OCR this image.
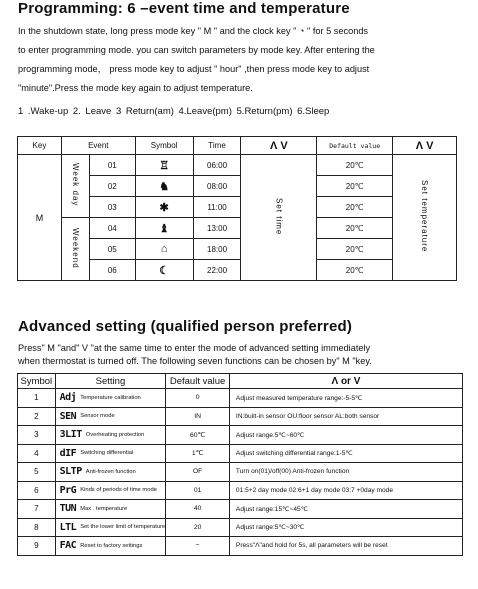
Programming: 6 –event time and temperature
In the shutdown state, long press mode key " M " and the clock key " ◔ " for 5 seconds
to enter programming mode. you can switch parameters by mode key. After entering the
programming mode， press mode key to adjust " hour" ,then press mode key to adjust
"minute".Press the mode key again to adjust temperature.
1 .Wake-up 2. Leave 3 Return(am) 4.Leave(pm) 5.Return(pm) 6.Sleep
Key	Event		Symbol	Time	Λ V	Default value	Λ V
M	Week day	01	♖	06:00	Set time	20℃	Set temperature
		02	♞	08:00		20℃	
		03	✱	11:00		20℃	
	Weekend	04	♝	13:00		20℃	
		05	⌂	18:00		20℃	
		06	☾	22:00		20℃	
Advanced setting (qualified person preferred)
Press" M "and" V "at the same time to enter the mode of advanced setting immediately
when thermostat is turned off. The following seven functions can be chosen by" M "key.
Symbol	Setting	Default value	Λ or V
1	Adj Temperature calibration	0	Adjust measured temperature range:-5-5℃
2	SEN Sensor mode	IN	IN:built-in sensor OU:floor sensor AL:both sensor
3	3LIT Overheating protection	60℃	Adjust range:5℃~60℃
4	dIF Switching differential	1℃	Adjust switching differential range:1-5℃
5	SLTP Anti-frozen function	OF	Turn on(01)/off(00) Anti-frozen function
6	PrG Kinds of periods of time mode	01	01:5+2 day mode 02:6+1 day mode 03:7 +0day mode
7	TUN Max . temperature	40	Adjust range:15℃~45℃
8	LTL Set the lower limit of temperature	20	Adjust range:5℃~30℃
9	FAC Reset to factory settings	−	Press"Λ"and hold for 5s, all parameters will be reset
